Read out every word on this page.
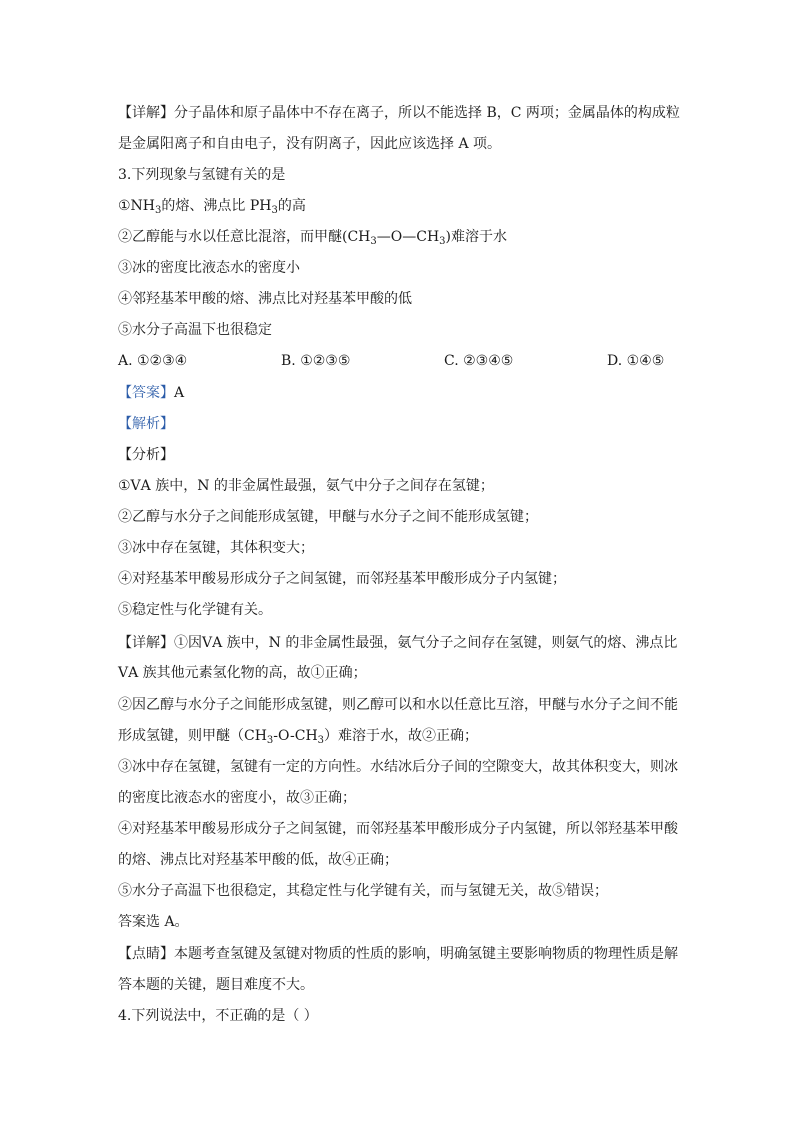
【详解】分子晶体和原子晶体中不存在离子，所以不能选择 B，C 两项；金属晶体的构成粒
是金属阳离子和自由电子，没有阴离子，因此应该选择 A 项。
3.下列现象与氢键有关的是
$①NH_3$的熔、沸点比 $PH_3$的高
②乙醇能与水以任意比混溶，而甲醚$(CH_3—O—CH_3)$难溶于水
③冰的密度比液态水的密度小
④邻羟基苯甲酸的熔、沸点比对羟基苯甲酸的低
⑤水分子高温下也很稳定
A. ①②③④	B. ①②③⑤	C. ②③④⑤	D. ①④⑤
【答案】A
【解析】
【分析】
①ⅤA 族中，N 的非金属性最强，氨气中分子之间存在氢键；
②乙醇与水分子之间能形成氢键，甲醚与水分子之间不能形成氢键；
③冰中存在氢键，其体积变大；
④对羟基苯甲酸易形成分子之间氢键，而邻羟基苯甲酸形成分子内氢键；
⑤稳定性与化学键有关。
【详解】①因ⅤA 族中，N 的非金属性最强，氨气分子之间存在氢键，则氨气的熔、沸点比
ⅤA 族其他元素氢化物的高，故①正确；
②因乙醇与水分子之间能形成氢键，则乙醇可以和水以任意比互溶，甲醚与水分子之间不能
形成氢键，则甲醚$(CH_3-O-CH_3)$难溶于水，故②正确；
③冰中存在氢键，氢键有一定的方向性。水结冰后分子间的空隙变大，故其体积变大，则冰
的密度比液态水的密度小，故③正确；
④对羟基苯甲酸易形成分子之间氢键，而邻羟基苯甲酸形成分子内氢键，所以邻羟基苯甲酸
的熔、沸点比对羟基苯甲酸的低，故④正确；
⑤水分子高温下也很稳定，其稳定性与化学键有关，而与氢键无关，故⑤错误；
答案选 A。
【点睛】本题考查氢键及氢键对物质的性质的影响，明确氢键主要影响物质的物理性质是解
答本题的关键，题目难度不大。
4.下列说法中，不正确的是（ ）
